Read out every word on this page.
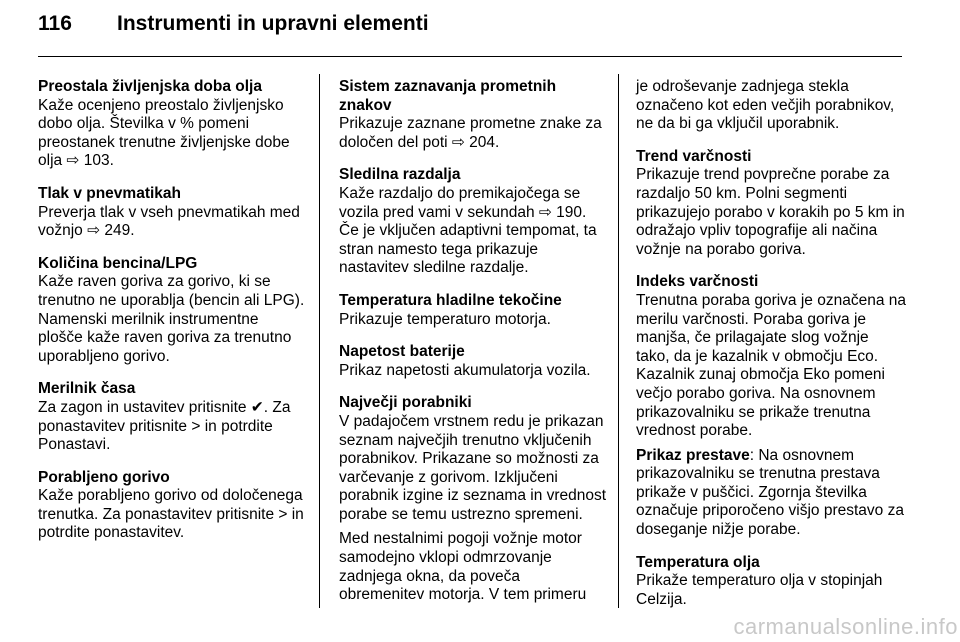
116 Instrumenti in upravni elementi

Preostala življenjska doba olja

Kaže ocenjeno preostalo življenjsko dobo olja. Številka v % pomeni preostanek trenutne življenjske dobe olja ⇨ 103.

Tlak v pnevmatikah

Preverja tlak v vseh pnevmatikah med vožnjo ⇨ 249.

Količina bencina/LPG

Kaže raven goriva za gorivo, ki se trenutno ne uporablja (bencin ali LPG). Namenski merilnik instrumentne plošče kaže raven goriva za trenutno uporabljeno gorivo.

Merilnik časa

Za zagon in ustavitev pritisnite ✔. Za ponastavitev pritisnite > in potrdite Ponastavi.

Porabljeno gorivo

Kaže porabljeno gorivo od določenega trenutka. Za ponastavitev pritisnite > in potrdite ponastavitev.

Sistem zaznavanja prometnih znakov

Prikazuje zaznane prometne znake za določen del poti ⇨ 204.

Sledilna razdalja

Kaže razdaljo do premikajočega se vozila pred vami v sekundah ⇨ 190. Če je vključen adaptivni tempomat, ta stran namesto tega prikazuje nastavitev sledilne razdalje.

Temperatura hladilne tekočine

Prikazuje temperaturo motorja.

Napetost baterije

Prikaz napetosti akumulatorja vozila.

Največji porabniki

V padajočem vrstnem redu je prikazan seznam največjih trenutno vključenih porabnikov. Prikazane so možnosti za varčevanje z gorivom. Izključeni porabnik izgine iz seznama in vrednost porabe se temu ustrezno spremeni.

Med nestalnimi pogoji vožnje motor samodejno vklopi odmrzovanje zadnjega okna, da poveča obremenitev motorja. V tem primeru

je odroševanje zadnjega stekla označeno kot eden večjih porabnikov, ne da bi ga vključil uporabnik.

Trend varčnosti

Prikazuje trend povprečne porabe za razdaljo 50 km. Polni segmenti prikazujejo porabo v korakih po 5 km in odražajo vpliv topografije ali načina vožnje na porabo goriva.

Indeks varčnosti

Trenutna poraba goriva je označena na merilu varčnosti. Poraba goriva je manjša, če prilagajate slog vožnje tako, da je kazalnik v območju Eco. Kazalnik zunaj območja Eko pomeni večjo porabo goriva. Na osnovnem prikazovalniku se prikaže trenutna vrednost porabe.

Prikaz prestave: Na osnovnem prikazovalniku se trenutna prestava prikaže v puščici. Zgornja številka označuje priporočeno višjo prestavo za doseganje nižje porabe.

Temperatura olja

Prikaže temperaturo olja v stopinjah Celzija.

carmanualsonline.info
